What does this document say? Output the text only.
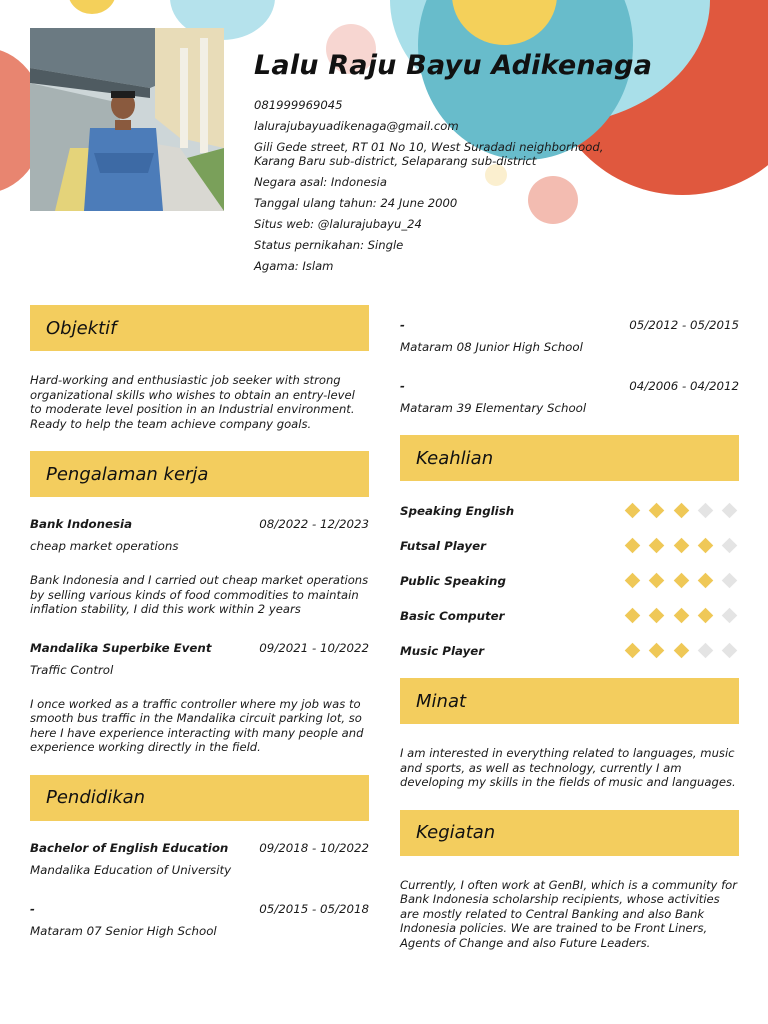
Lalu Raju Bayu Adikenaga
081999969045
lalurajubayuadikenaga@gmail.com
Gili Gede street, RT 01 No 10, West Suradadi neighborhood, Karang Baru sub-district, Selaparang sub-district
Negara asal: Indonesia
Tanggal ulang tahun: 24 June 2000
Situs web: @lalurajubayu_24
Status pernikahan: Single
Agama: Islam
Objektif
Hard-working and enthusiastic job seeker with strong organizational skills who wishes to obtain an entry-level to moderate level position in an Industrial environment. Ready to help the team achieve company goals.
Pengalaman kerja
Bank Indonesia	08/2022 - 12/2023
cheap market operations
Bank Indonesia and I carried out cheap market operations by selling various kinds of food commodities to maintain inflation stability, I did this work within 2 years
Mandalika Superbike Event	09/2021 - 10/2022
Traffic Control
I once worked as a traffic controller where my job was to smooth bus traffic in the Mandalika circuit parking lot, so here I have experience interacting with many people and experience working directly in the field.
Pendidikan
Bachelor of English Education	09/2018 - 10/2022
Mandalika Education of University
-	05/2015 - 05/2018
Mataram 07 Senior High School
-	05/2012 - 05/2015
Mataram 08 Junior High School
-	04/2006 - 04/2012
Mataram 39 Elementary School
Keahlian
Speaking English
Futsal Player
Public Speaking
Basic Computer
Music Player
Minat
I am interested in everything related to languages, music and sports, as well as technology, currently I am developing my skills in the fields of music and languages.
Kegiatan
Currently, I often work at GenBI, which is a community for Bank Indonesia scholarship recipients, whose activities are mostly related to Central Banking and also Bank Indonesia policies. We are trained to be Front Liners, Agents of Change and also Future Leaders.
